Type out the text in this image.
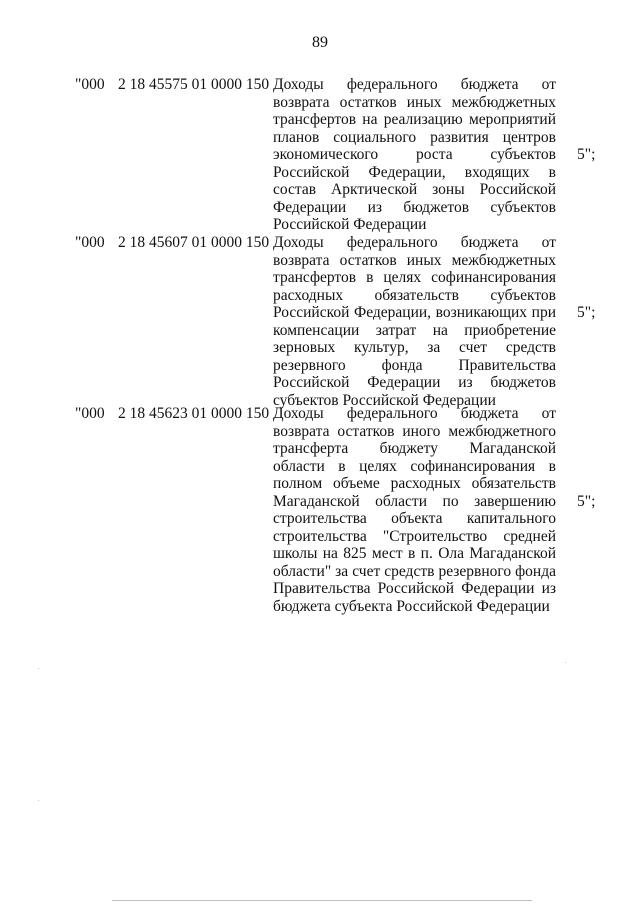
89
"000 2 18 45575 01 0000 150 Доходы федерального бюджета от возврата остатков иных межбюджетных трансфертов на реализацию мероприятий планов социального развития центров экономического роста субъектов Российской Федерации, входящих в состав Арктической зоны Российской Федерации из бюджетов субъектов Российской Федерации
5";
"000 2 18 45607 01 0000 150 Доходы федерального бюджета от возврата остатков иных межбюджетных трансфертов в целях софинансирования расходных обязательств субъектов Российской Федерации, возникающих при компенсации затрат на приобретение зерновых культур, за счет средств резервного фонда Правительства Российской Федерации из бюджетов субъектов Российской Федерации
5";
"000 2 18 45623 01 0000 150 Доходы федерального бюджета от возврата остатков иного межбюджетного трансферта бюджету Магаданской области в целях софинансирования в полном объеме расходных обязательств Магаданской области по завершению строительства объекта капитального строительства "Строительство средней школы на 825 мест в п. Ола Магаданской области" за счет средств резервного фонда Правительства Российской Федерации из бюджета субъекта Российской Федерации
5";
